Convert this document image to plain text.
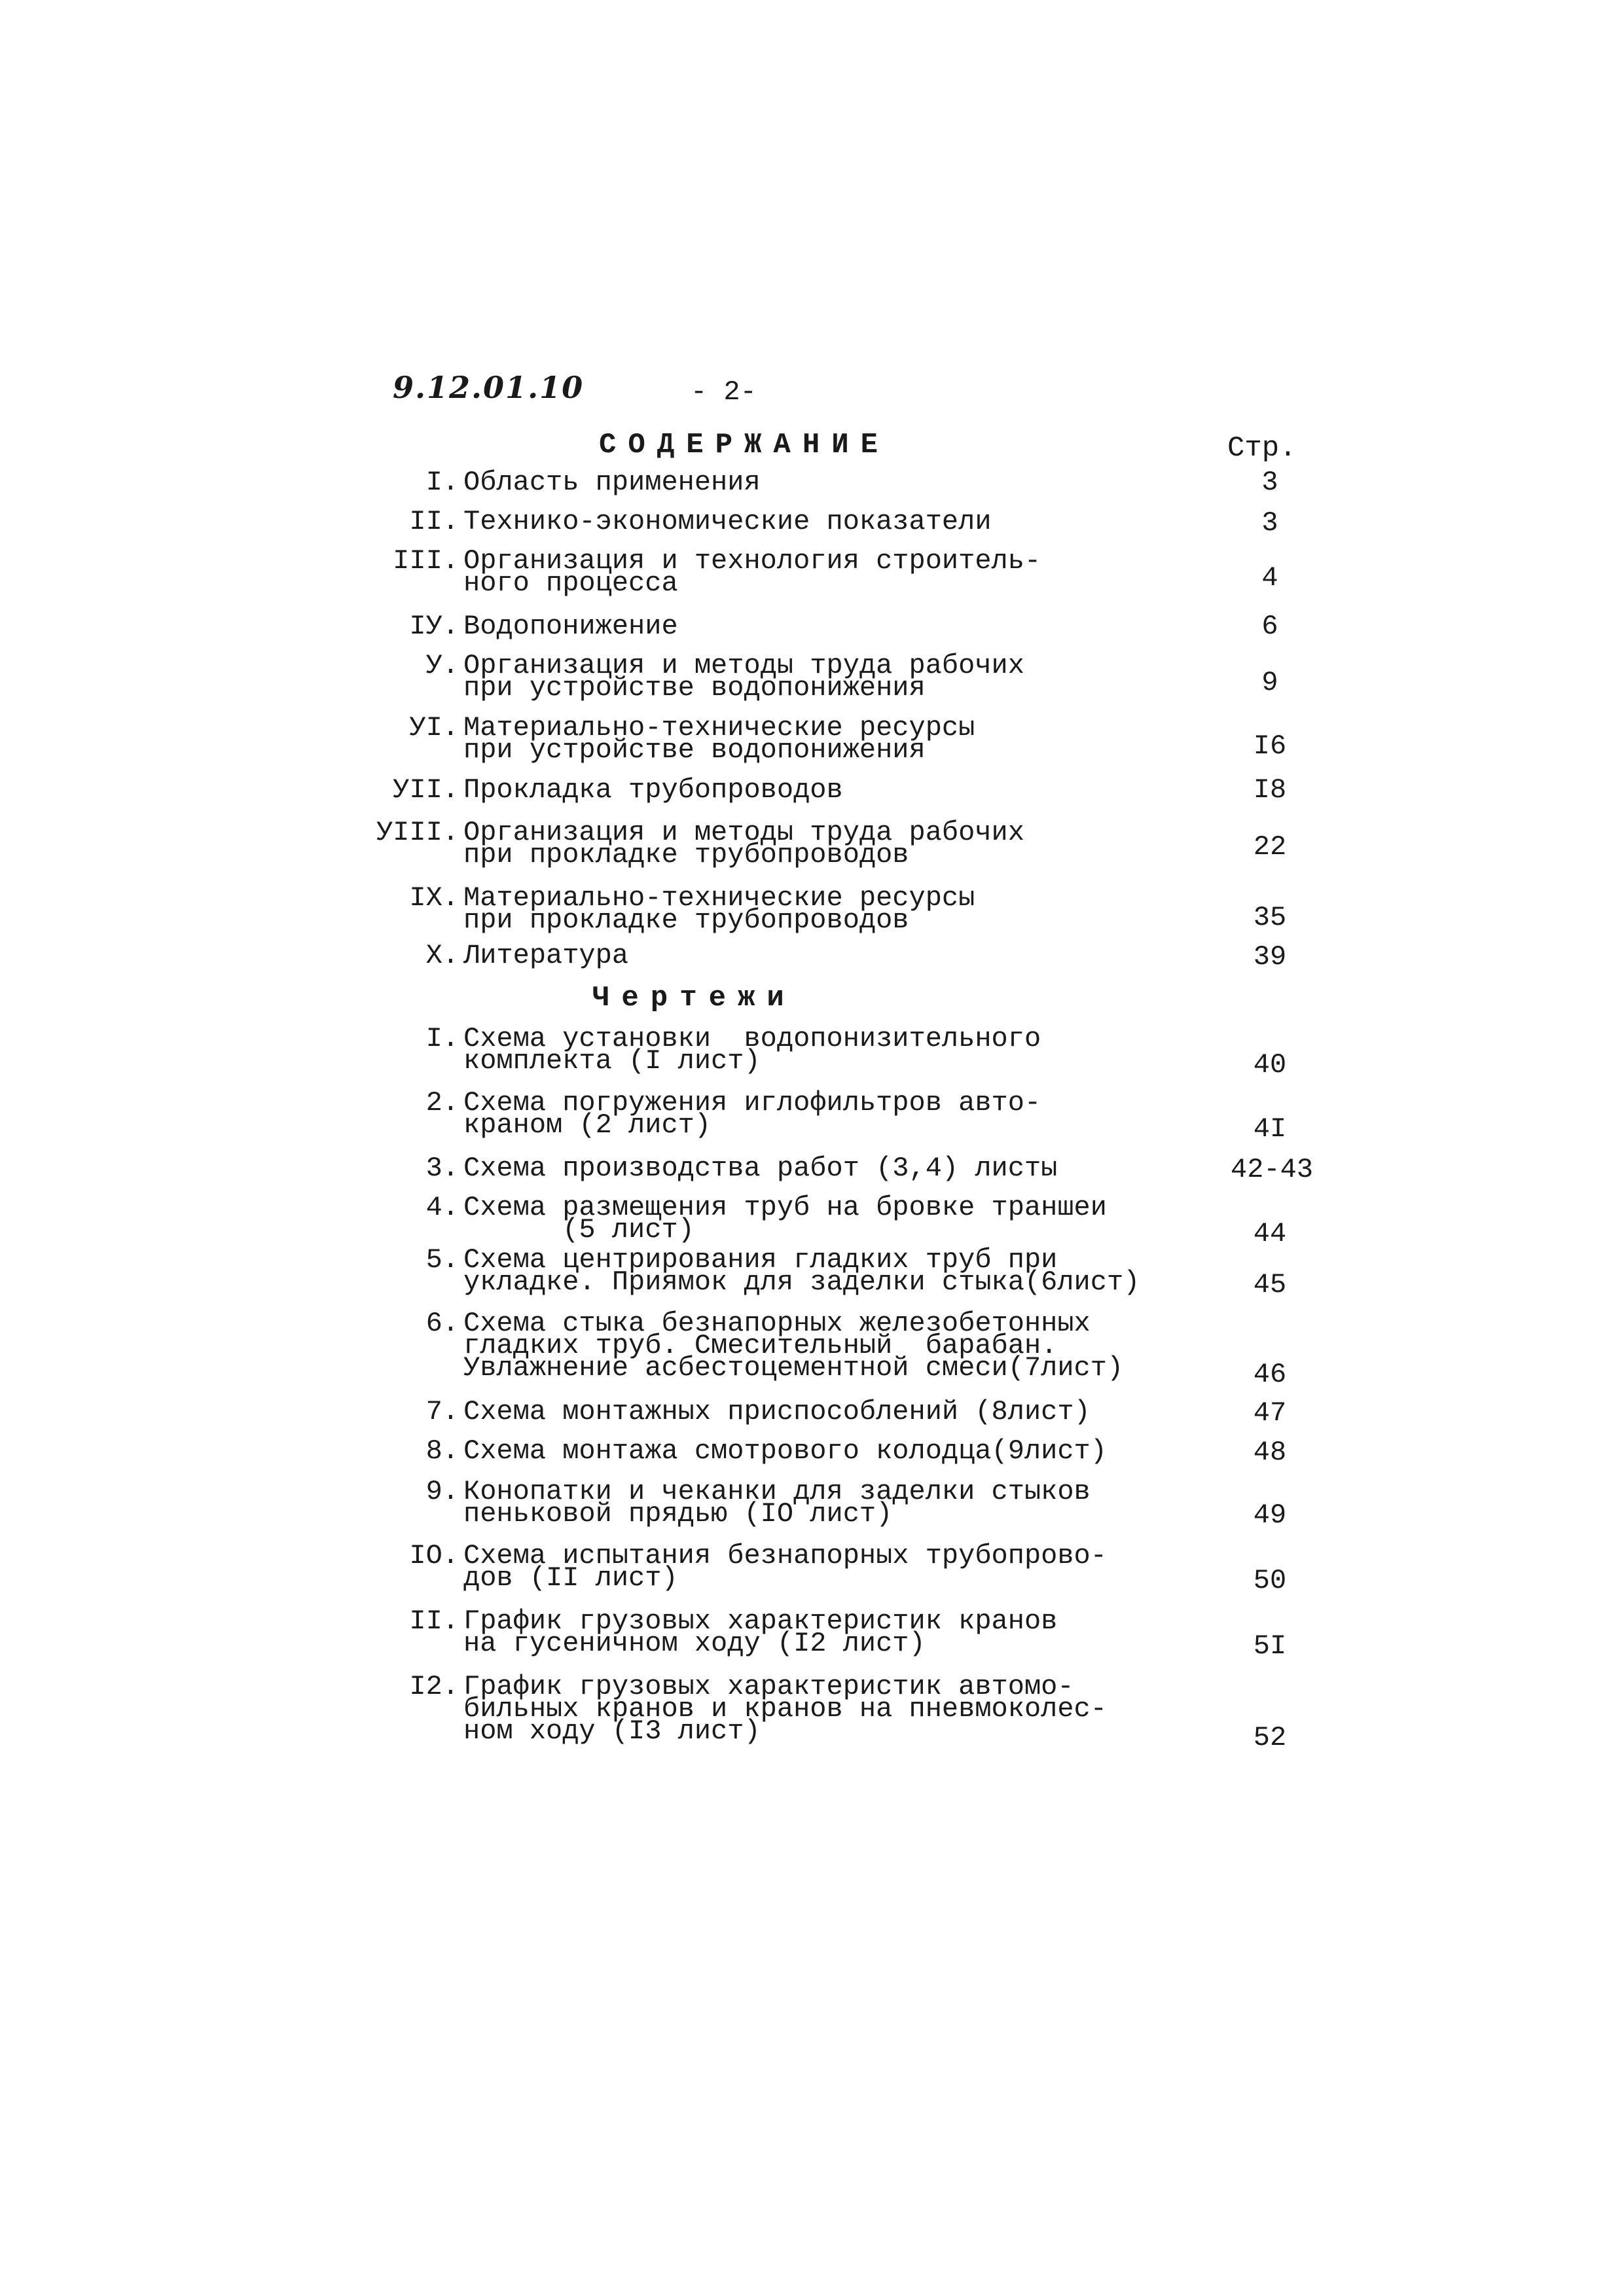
9.12.01.10	- 2-
СОДЕРЖАНИЕ	Стр.
I. Область применения	3
II. Технико-экономические показатели	3
III. Организация и технология строитель-
ного процесса	4
IУ. Водопонижение	6
У. Организация и методы труда рабочих
при устройстве водопонижения	9
УI. Материально-технические ресурсы
при устройстве водопонижения	I6
УII. Прокладка трубопроводов	I8
УIII. Организация и методы труда рабочих
при прокладке трубопроводов	22
IX. Материально-технические ресурсы
при прокладке трубопроводов	35
X. Литература	39
Чертежи
I. Схема установки  водопонизительного
комплекта (I лист)	40
2. Схема погружения иглофильтров авто-
краном (2 лист)	4I
3. Схема производства работ (3,4) листы	42-43
4. Схема размещения труб на бровке траншеи
(5 лист)	44
5. Схема центрирования гладких труб при
укладке. Приямок для заделки стыка(6лист)	45
6. Схема стыка безнапорных железобетонных
гладких труб. Смесительный  барабан.
Увлажнение асбестоцементной смеси(7лист)	46
7. Схема монтажных приспособлений (8лист)	47
8. Схема монтажа смотрового колодца(9лист)	48
9. Конопатки и чеканки для заделки стыков
пеньковой прядью (IO лист)	49
IO. Схема испытания безнапорных трубопрово-
дов (II лист)	50
II. График грузовых характеристик кранов
на гусеничном ходу (I2 лист)	5I
I2. График грузовых характеристик автомо-
бильных кранов и кранов на пневмоколес-
ном ходу (I3 лист)	52
